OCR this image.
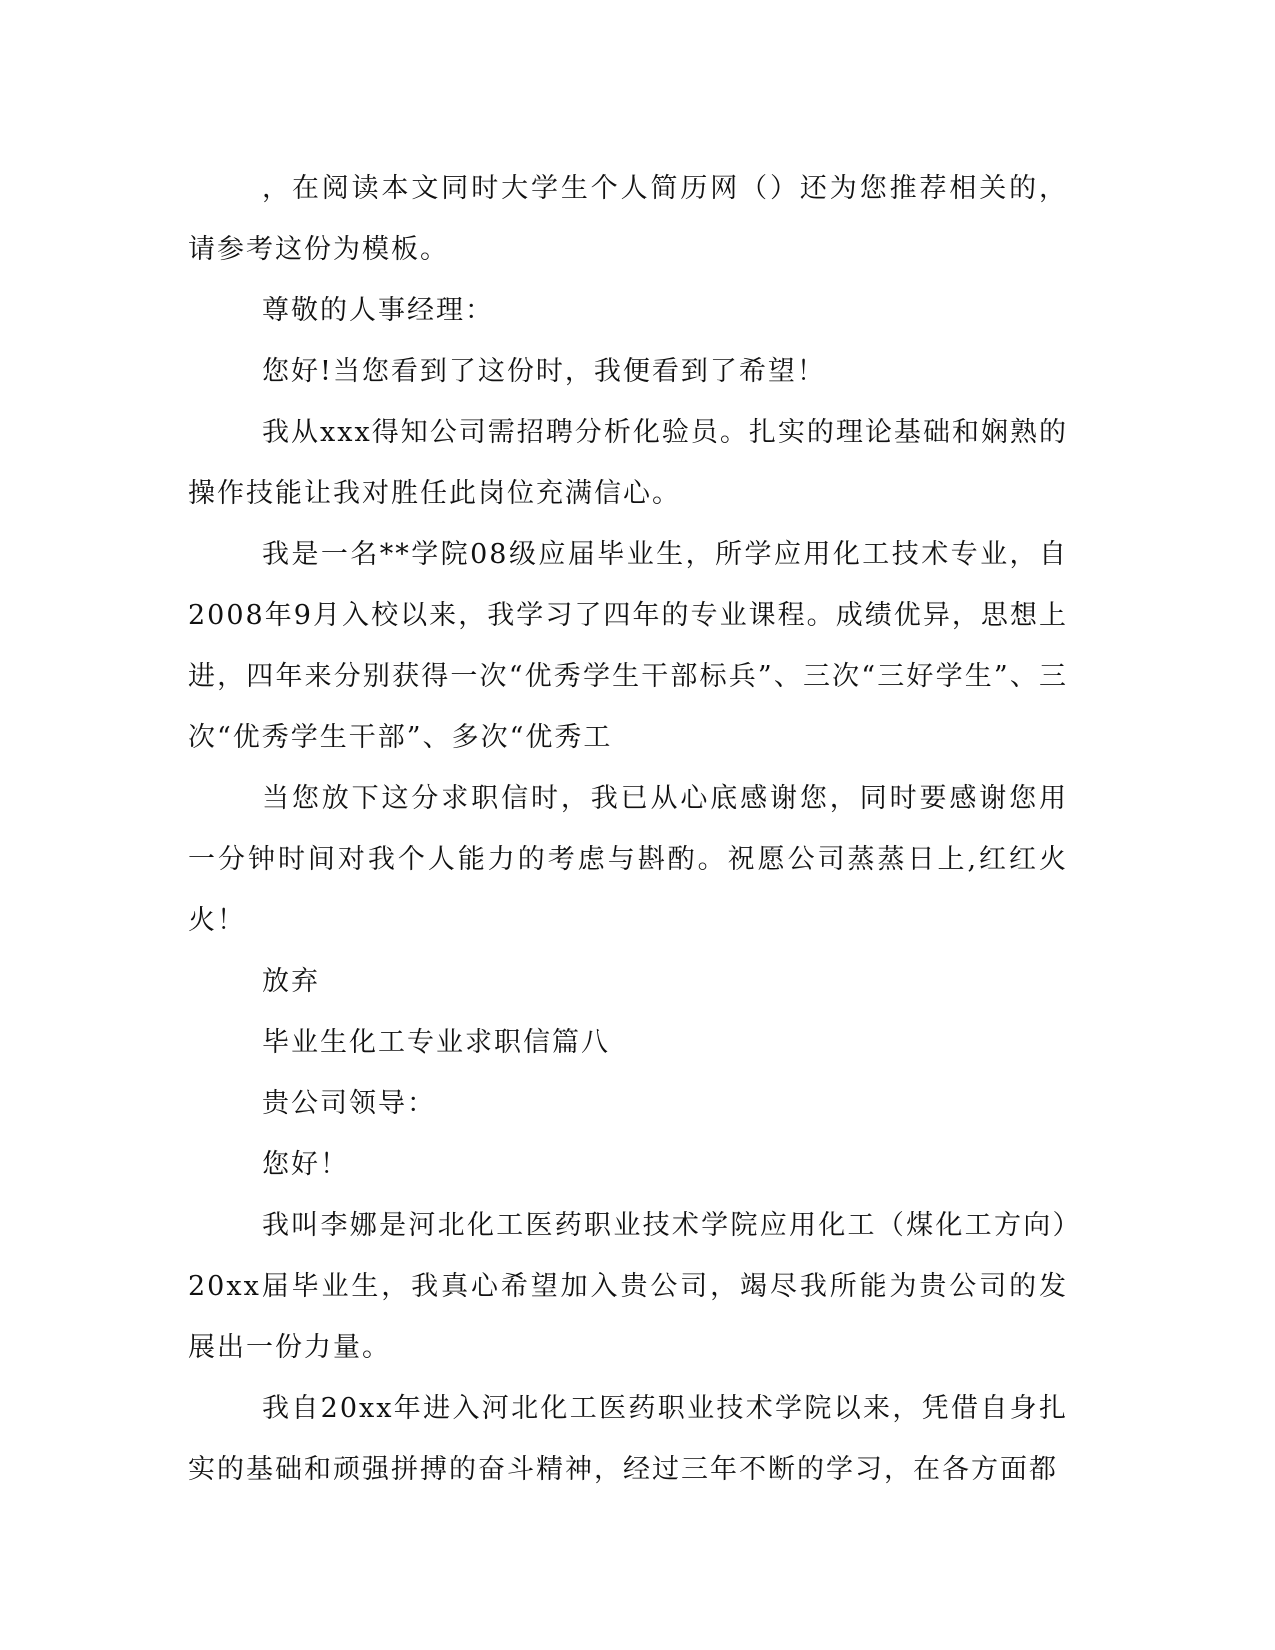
，在阅读本文同时大学生个人简历网（）还为您推荐相关的，请参考这份为模板。

尊敬的人事经理：

您好!当您看到了这份时，我便看到了希望！

我从xxx得知公司需招聘分析化验员。扎实的理论基础和娴熟的操作技能让我对胜任此岗位充满信心。

我是一名**学院08级应届毕业生，所学应用化工技术专业，自2008年9月入校以来，我学习了四年的专业课程。成绩优异，思想上进，四年来分别获得一次“优秀学生干部标兵”、三次“三好学生”、三次“优秀学生干部”、多次“优秀工

当您放下这分求职信时，我已从心底感谢您，同时要感谢您用一分钟时间对我个人能力的考虑与斟酌。祝愿公司蒸蒸日上,红红火火！

放弃

毕业生化工专业求职信篇八

贵公司领导：

您好！

我叫李娜是河北化工医药职业技术学院应用化工（煤化工方向）20xx届毕业生，我真心希望加入贵公司，竭尽我所能为贵公司的发展出一份力量。

我自20xx年进入河北化工医药职业技术学院以来，凭借自身扎实的基础和顽强拼搏的奋斗精神，经过三年不断的学习，在各方面都
